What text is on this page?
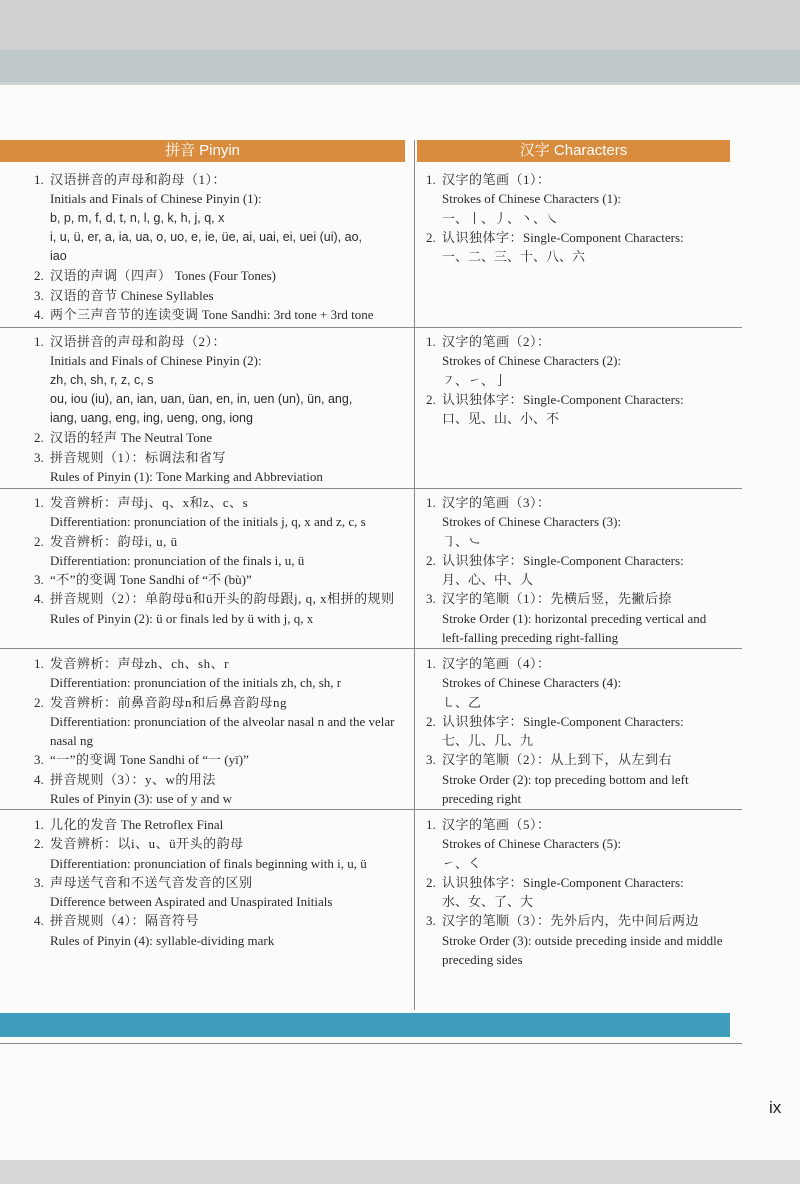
拼音 Pinyin	汉字 Characters
1. 汉语拼音的声母和韵母（1）：
Initials and Finals of Chinese Pinyin (1):
b, p, m, f, d, t, n, l, g, k, h, j, q, x
i, u, ü, er, a, ia, ua, o, uo, e, ie, üe, ai, uai, ei, uei (ui), ao,
iao
2. 汉语的声调（四声） Tones (Four Tones)
3. 汉语的音节 Chinese Syllables
4. 两个三声音节的连读变调 Tone Sandhi: 3rd tone + 3rd tone
1. 汉字的笔画（1）：
Strokes of Chinese Characters (1):
一、丨、丿、丶、㇏
2. 认识独体字：Single-Component Characters:
一、二、三、十、八、六
1. 汉语拼音的声母和韵母（2）：
Initials and Finals of Chinese Pinyin (2):
zh, ch, sh, r, z, c, s
ou, iou (iu), an, ian, uan, üan, en, in, uen (un), ün, ang,
iang, uang, eng, ing, ueng, ong, iong
2. 汉语的轻声 The Neutral Tone
3. 拼音规则（1）：标调法和省写
Rules of Pinyin (1): Tone Marking and Abbreviation
1. 汉字的笔画（2）：
Strokes of Chinese Characters (2):
㇇、㇀、亅
2. 认识独体字：Single-Component Characters:
口、见、山、小、不
1. 发音辨析：声母j、q、x和z、c、s
Differentiation: pronunciation of the initials j, q, x and z, c, s
2. 发音辨析：韵母i, u, ü
Differentiation: pronunciation of the finals i, u, ü
3. “不”的变调 Tone Sandhi of “不 (bù)”
4. 拼音规则（2）：单韵母ü和ü开头的韵母跟j, q, x相拼的规则
Rules of Pinyin (2): ü or finals led by ü with j, q, x
1. 汉字的笔画（3）：
Strokes of Chinese Characters (3):
㇆、㇃
2. 认识独体字：Single-Component Characters:
月、心、中、人
3. 汉字的笔顺（1）：先横后竖，先撇后捺
Stroke Order (1): horizontal preceding vertical and left-falling preceding right-falling
1. 发音辨析：声母zh、ch、sh、r
Differentiation: pronunciation of the initials zh, ch, sh, r
2. 发音辨析：前鼻音韵母n和后鼻音韵母ng
Differentiation: pronunciation of the alveolar nasal n and the velar nasal ng
3. “一”的变调 Tone Sandhi of “一 (yī)”
4. 拼音规则（3）：y、w的用法
Rules of Pinyin (3): use of y and w
1. 汉字的笔画（4）：
Strokes of Chinese Characters (4):
㇄、乙
2. 认识独体字：Single-Component Characters:
七、儿、几、九
3. 汉字的笔顺（2）：从上到下，从左到右
Stroke Order (2): top preceding bottom and left preceding right
1. 儿化的发音 The Retroflex Final
2. 发音辨析：以i、u、ü开头的韵母
Differentiation: pronunciation of finals beginning with i, u, ü
3. 声母送气音和不送气音发音的区别
Difference between Aspirated and Unaspirated Initials
4. 拼音规则（4）：隔音符号
Rules of Pinyin (4): syllable-dividing mark
1. 汉字的笔画（5）：
Strokes of Chinese Characters (5):
㇀、㇛
2. 认识独体字：Single-Component Characters:
水、女、了、大
3. 汉字的笔顺（3）：先外后内，先中间后两边
Stroke Order (3): outside preceding inside and middle preceding sides
ix
